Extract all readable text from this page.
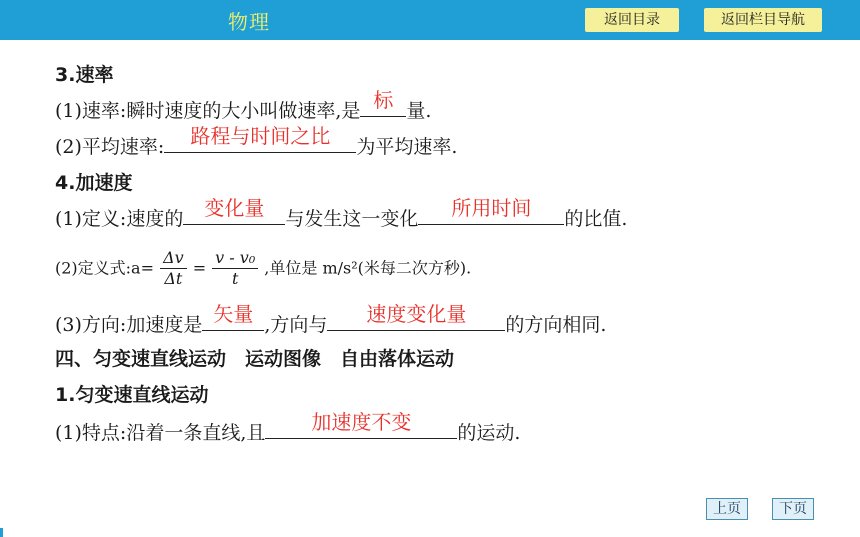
物理	返回目录	返回栏目导航
3.速率
(1)速率:瞬时速度的大小叫做速率,是 标 量.
(2)平均速率:	路程与时间之比	为平均速率.
4.加速度
(1)定义:速度的	变化量	与发生这一变化	所用时间	的比值.
(2)定义式:a= $\frac{\Delta v}{\Delta t} = \frac{\text{v - v₀}}{t}$ ,单位是 m/s²(米每二次方秒).
(3)方向:加速度是 矢量 ,方向与	速度变化量	的方向相同.
四、匀变速直线运动　运动图像　自由落体运动
1.匀变速直线运动
(1)特点:沿着一条直线,且	加速度不变	的运动.
上页	下页
